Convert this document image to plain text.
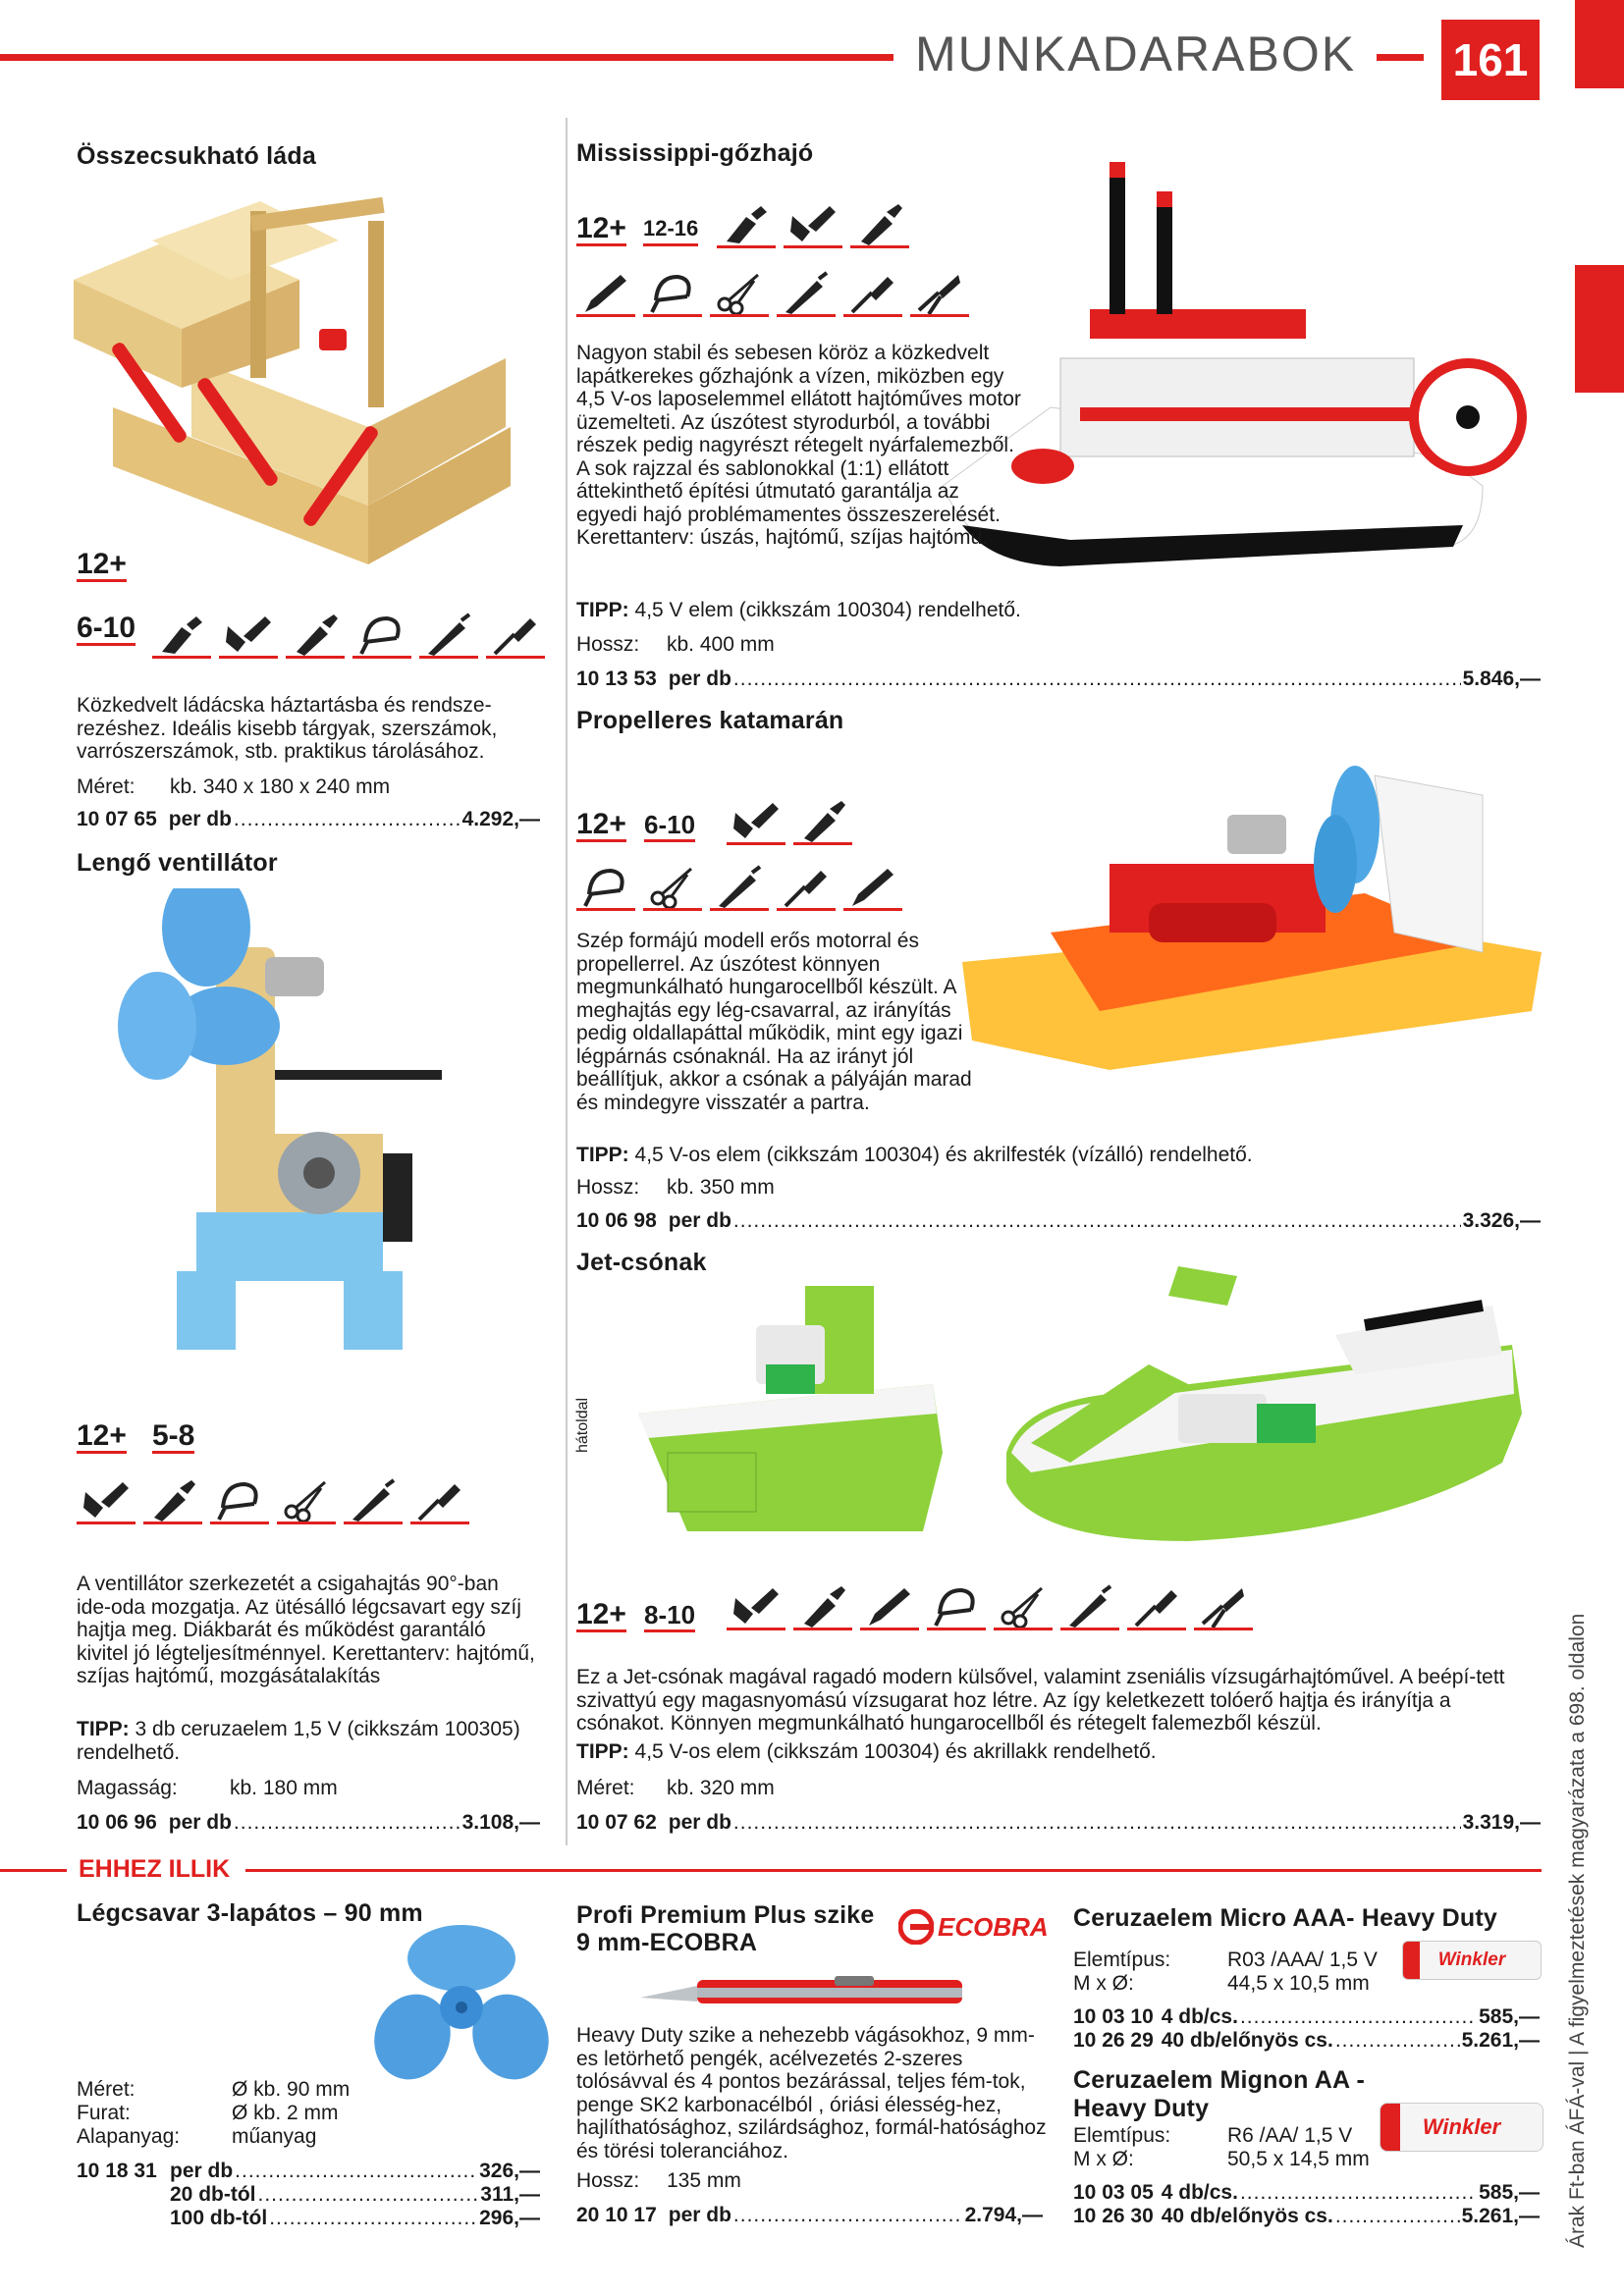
MUNKADARABOK 161
Árak Ft-ban ÁFÁ-val | A figyelmeztetések magyarázata a 698. oldalon
Összecsukható láda
12+
6-10
Közkedvelt ládácska háztartásba és rendsze-rezéshez. Ideális kisebb tárgyak, szerszámok, varrószerszámok, stb. praktikus tárolásához.
Méret:	kb. 340 x 180 x 240 mm
10 07 65 per db .....	4.292,—
Lengő ventillátor
12+ 5-8
A ventillátor szerkezetét a csigahajtás 90°-ban ide-oda mozgatja. Az ütésálló légcsavart egy szíj hajtja meg. Diákbarát és működést garantáló kivitel jó légteljesítménnyel. Kerettanterv: hajtómű, szíjas hajtómű, mozgásátalakítás
TIPP: 3 db ceruzaelem 1,5 V (cikkszám 100305) rendelhető.
Magasság:	kb. 180 mm
10 06 96 per db .....	3.108,—
Mississippi-gőzhajó
12+ 12-16
Nagyon stabil és sebesen köröz a közkedvelt lapátkerekes gőzhajónk a vízen, miközben egy 4,5 V-os laposelemmel ellátott hajtóműves motor üzemelteti. Az úszótest styrodurból, a további részek pedig nagyrészt rétegelt nyárfalemezből. A sok rajzzal és sablonokkal (1:1) ellátott áttekinthető építési útmutató garantálja az egyedi hajó problémamentes összeszerelését. Kerettanterv: úszás, hajtómű, szíjas hajtómű.
TIPP: 4,5 V elem (cikkszám 100304) rendelhető.
Hossz:	kb. 400 mm
10 13 53 per db .....	5.846,—
Propelleres katamarán
12+ 6-10
Szép formájú modell erős motorral és propellerrel. Az úszótest könnyen megmunkálható hungarocellből készült. A meghajtás egy lég-csavarral, az irányítás pedig oldallapáttal működik, mint egy igazi légpárnás csónaknál. Ha az irányt jól beállítjuk, akkor a csónak a pályáján marad és mindegyre visszatér a partra.
TIPP: 4,5 V-os elem (cikkszám 100304) és akrilfesték (vízálló) rendelhető.
Hossz:	kb. 350 mm
10 06 98 per db .....	3.326,—
Jet-csónak
hátoldal
12+ 8-10
Ez a Jet-csónak magával ragadó modern külsővel, valamint zseniális vízsugárhajtóművel. A beépí-tett szivattyú egy magasnyomású vízsugarat hoz létre. Az így keletkezett tolóerő hajtja és irányítja a csónakot. Könnyen megmunkálható hungarocellből és rétegelt falemezből készül.
TIPP: 4,5 V-os elem (cikkszám 100304) és akrillakk rendelhető.
Méret:	kb. 320 mm
10 07 62 per db .....	3.319,—
EHHEZ ILLIK
Légcsavar 3-lapátos – 90 mm
Méret:	Ø kb. 90 mm
Furat:	Ø kb. 2 mm
Alapanyag:	műanyag
10 18 31 per db .....	326,—
20 db-tól .....	311,—
100 db-tól .....	296,—
Profi Premium Plus szike
9 mm-ECOBRA
ECOBRA
Heavy Duty szike a nehezebb vágásokhoz, 9 mm-es letörhető pengék, acélvezetés 2-szeres tolósávval és 4 pontos bezárással, teljes fém-tok, penge SK2 karbonacélból , óriási élesség-hez, hajlíthatósághoz, szilárdsághoz, formál-hatósághoz és törési toleranciához.
Hossz:	135 mm
20 10 17 per db .....	2.794,—
Ceruzaelem Micro AAA- Heavy Duty
Winkler
Elemtípus:	R03 /AAA/ 1,5 V
M x Ø:	44,5 x 10,5 mm
10 03 10 4 db/cs. .....	585,—
10 26 29 40 db/előnyös cs. .....	5.261,—
Ceruzaelem Mignon AA -
Heavy Duty
Winkler
Elemtípus:	R6 /AA/ 1,5 V
M x Ø:	50,5 x 14,5 mm
10 03 05 4 db/cs. .....	585,—
10 26 30 40 db/előnyös cs. .....	5.261,—
